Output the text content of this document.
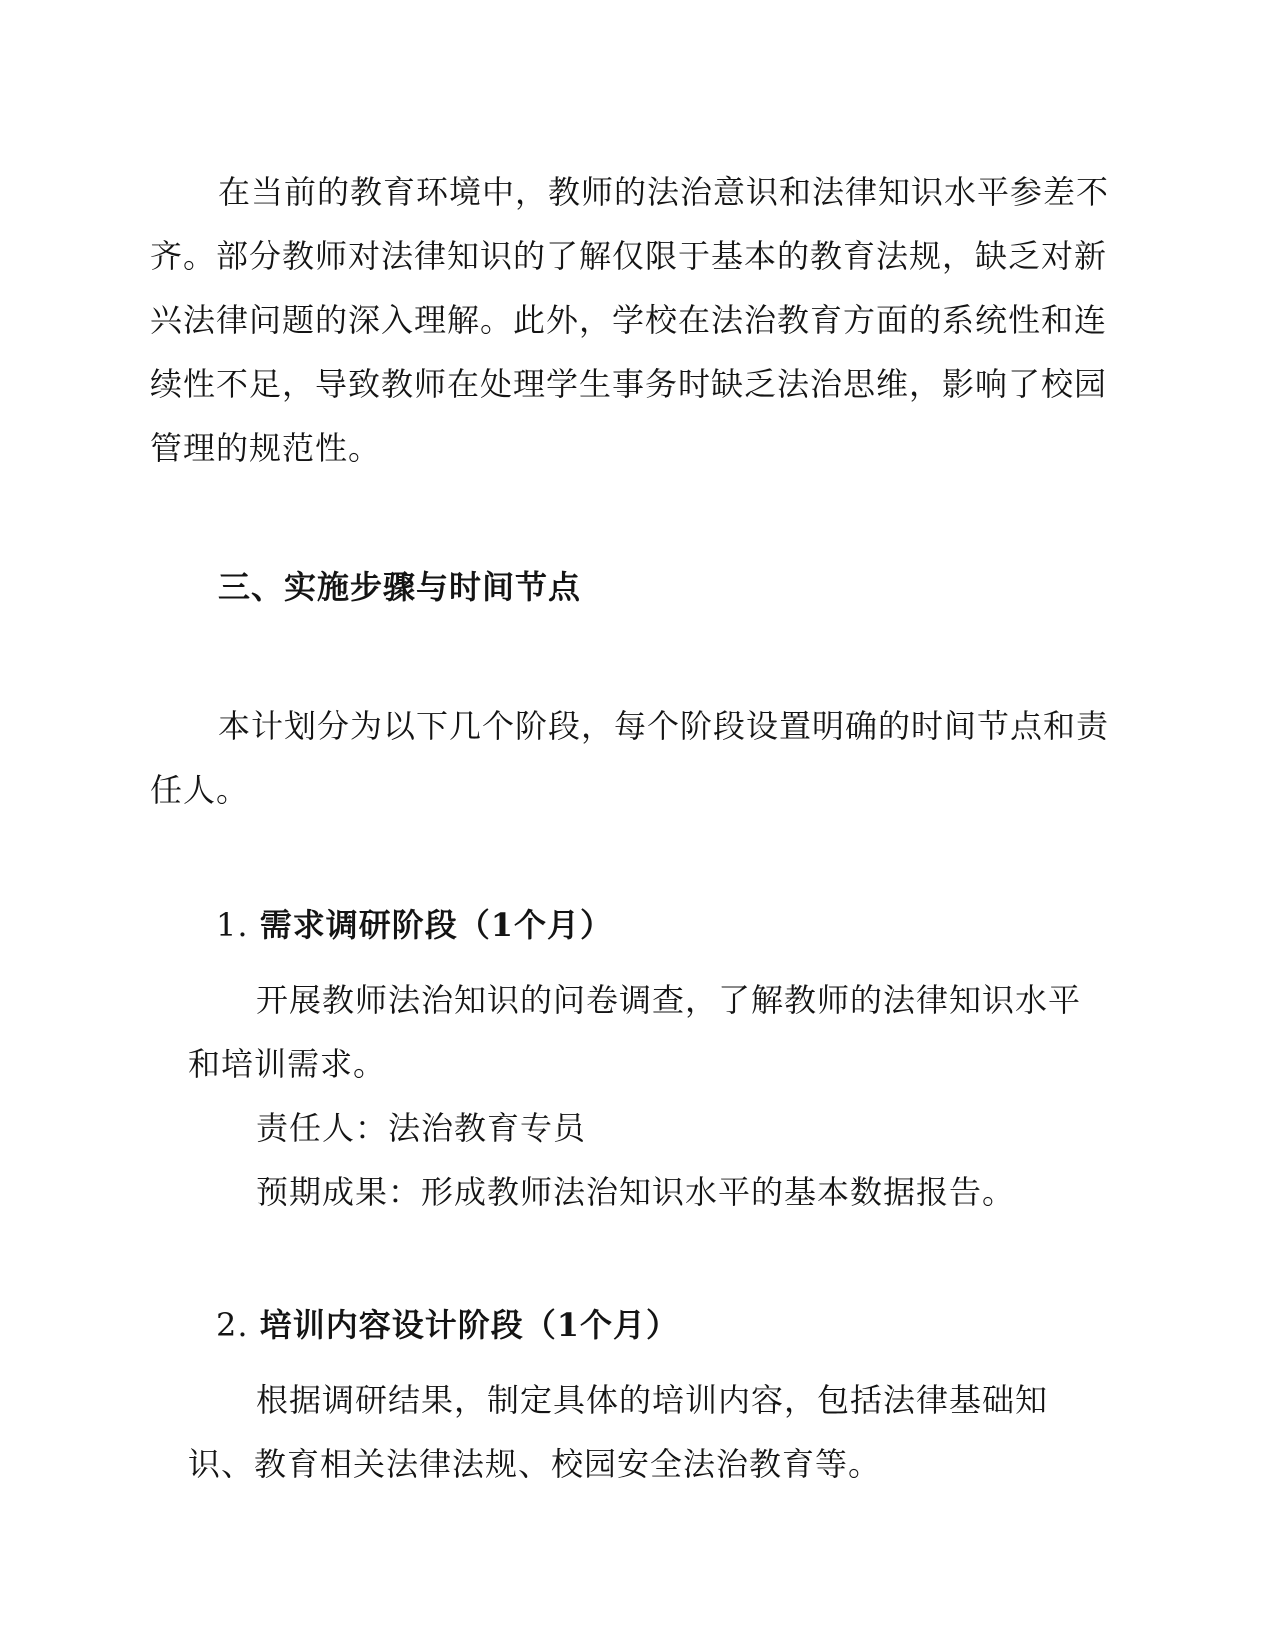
在当前的教育环境中，教师的法治意识和法律知识水平参差不齐。部分教师对法律知识的了解仅限于基本的教育法规，缺乏对新兴法律问题的深入理解。此外，学校在法治教育方面的系统性和连续性不足，导致教师在处理学生事务时缺乏法治思维，影响了校园管理的规范性。

三、实施步骤与时间节点

本计划分为以下几个阶段，每个阶段设置明确的时间节点和责任人。

1. 需求调研阶段（1个月）

开展教师法治知识的问卷调查，了解教师的法律知识水平和培训需求。

责任人：法治教育专员

预期成果：形成教师法治知识水平的基本数据报告。

2. 培训内容设计阶段（1个月）

根据调研结果，制定具体的培训内容，包括法律基础知识、教育相关法律法规、校园安全法治教育等。
